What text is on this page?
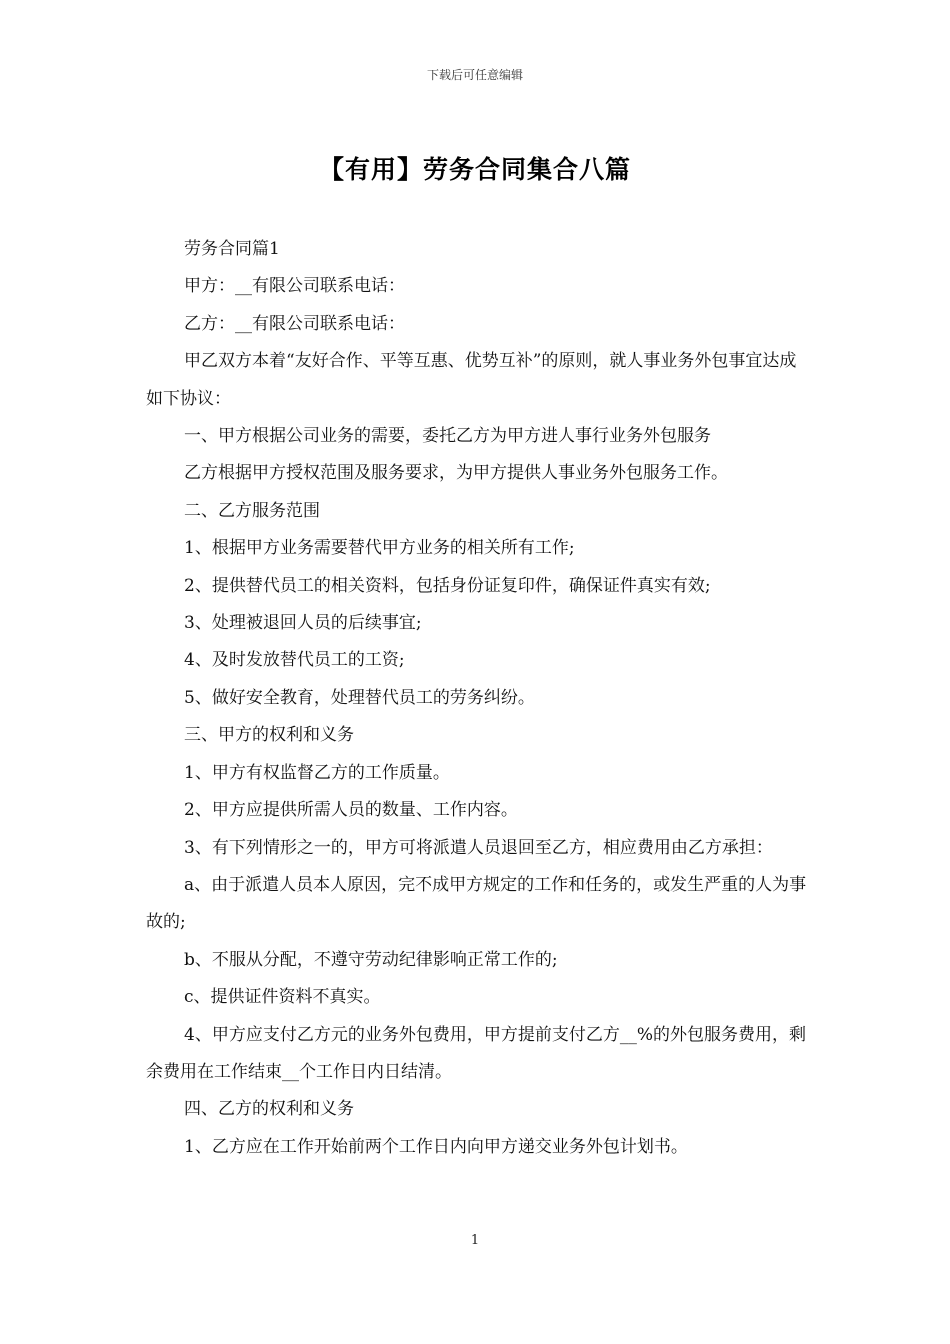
下载后可任意编辑
【有用】劳务合同集合八篇

劳务合同篇1

甲方：__有限公司联系电话：

乙方：__有限公司联系电话：

甲乙双方本着“友好合作、平等互惠、优势互补”的原则，就人事业务外包事宜达成如下协议：

一、甲方根据公司业务的需要，委托乙方为甲方进人事行业务外包服务

乙方根据甲方授权范围及服务要求，为甲方提供人事业务外包服务工作。

二、乙方服务范围

1、根据甲方业务需要替代甲方业务的相关所有工作;

2、提供替代员工的相关资料，包括身份证复印件，确保证件真实有效;

3、处理被退回人员的后续事宜;

4、及时发放替代员工的工资;

5、做好安全教育，处理替代员工的劳务纠纷。

三、甲方的权利和义务

1、甲方有权监督乙方的工作质量。

2、甲方应提供所需人员的数量、工作内容。

3、有下列情形之一的，甲方可将派遣人员退回至乙方，相应费用由乙方承担：

a、由于派遣人员本人原因，完不成甲方规定的工作和任务的，或发生严重的人为事故的;

b、不服从分配，不遵守劳动纪律影响正常工作的;

c、提供证件资料不真实。

4、甲方应支付乙方元的业务外包费用，甲方提前支付乙方__%的外包服务费用，剩余费用在工作结束__个工作日内日结清。

四、乙方的权利和义务

1、乙方应在工作开始前两个工作日内向甲方递交业务外包计划书。

1
